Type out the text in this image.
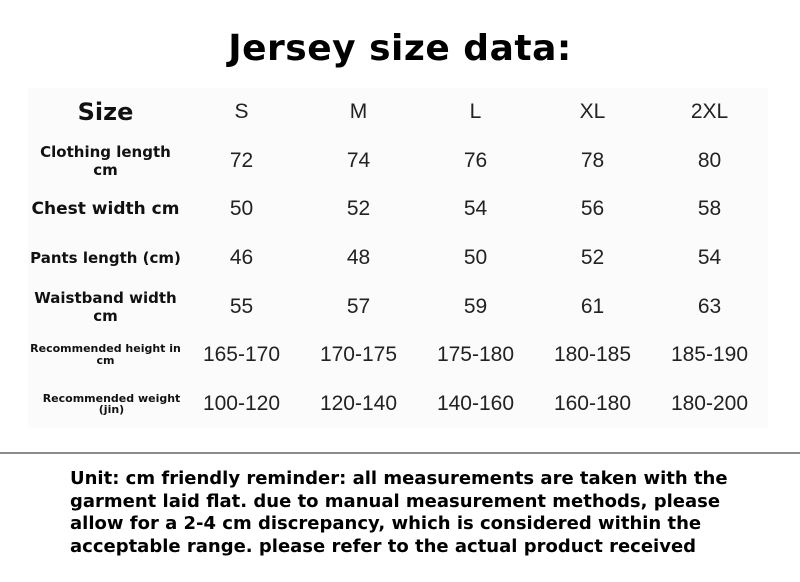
Jersey size data:
Size	S	M	L	XL	2XL
Clothing length cm	72	74	76	78	80
Chest width cm	50	52	54	56	58
Pants length (cm)	46	48	50	52	54
Waistband width cm	55	57	59	61	63
Recommended height in cm	165-170	170-175	175-180	180-185	185-190
Recommended weight (jin)	100-120	120-140	140-160	160-180	180-200
Unit: cm friendly reminder: all measurements are taken with the garment laid flat. due to manual measurement methods, please allow for a 2-4 cm discrepancy, which is considered within the acceptable range. please refer to the actual product received
